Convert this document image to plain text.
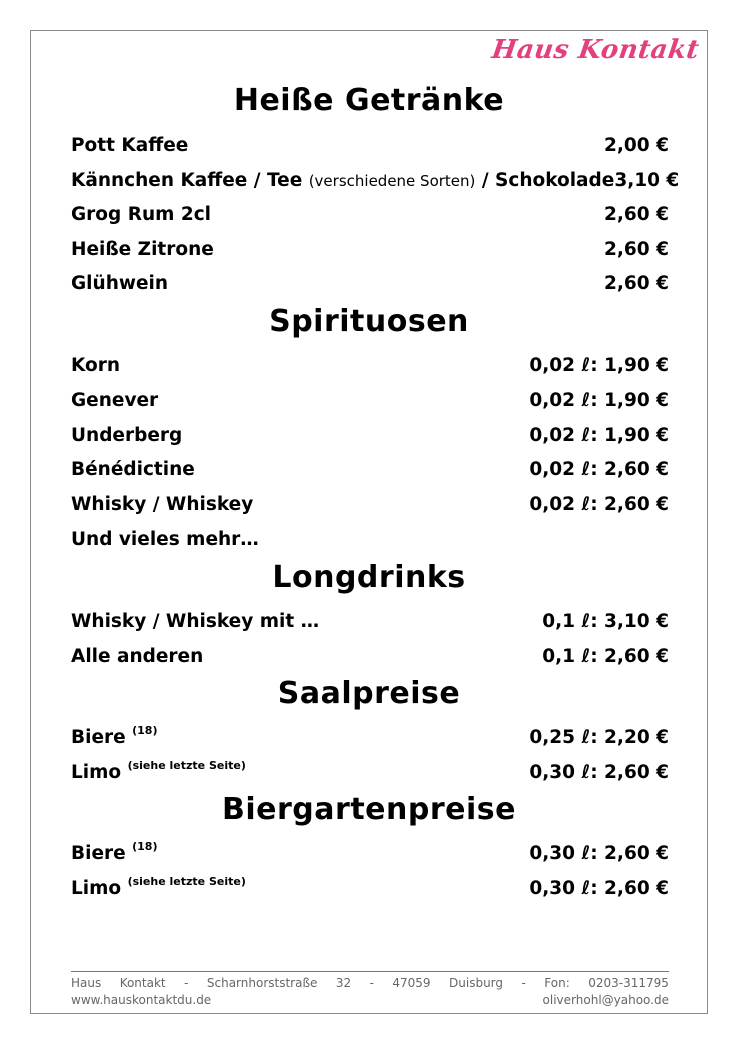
Haus Kontakt
Heiße Getränke
Pott Kaffee	2,00 €
Kännchen Kaffee / Tee (verschiedene Sorten) / Schokolade 3,10 €
Grog Rum 2cl	2,60 €
Heiße Zitrone	2,60 €
Glühwein	2,60 €
Spirituosen
Korn	0,02 ℓ: 1,90 €
Genever	0,02 ℓ: 1,90 €
Underberg	0,02 ℓ: 1,90 €
Bénédictine	0,02 ℓ: 2,60 €
Whisky / Whiskey	0,02 ℓ: 2,60 €
Und vieles mehr…
Longdrinks
Whisky / Whiskey mit …	0,1 ℓ: 3,10 €
Alle anderen	0,1 ℓ: 2,60 €
Saalpreise
Biere $^{(18)}$	0,25 ℓ: 2,20 €
Limo $^{(siehe letzte Seite)}$	0,30 ℓ: 2,60 €
Biergartenpreise
Biere $^{(18)}$	0,30 ℓ: 2,60 €
Limo $^{(siehe letzte Seite)}$	0,30 ℓ: 2,60 €
Haus Kontakt - Scharnhorststraße 32 - 47059 Duisburg - Fon: 0203-311795
www.hauskontaktdu.de	oliverhohl@yahoo.de
